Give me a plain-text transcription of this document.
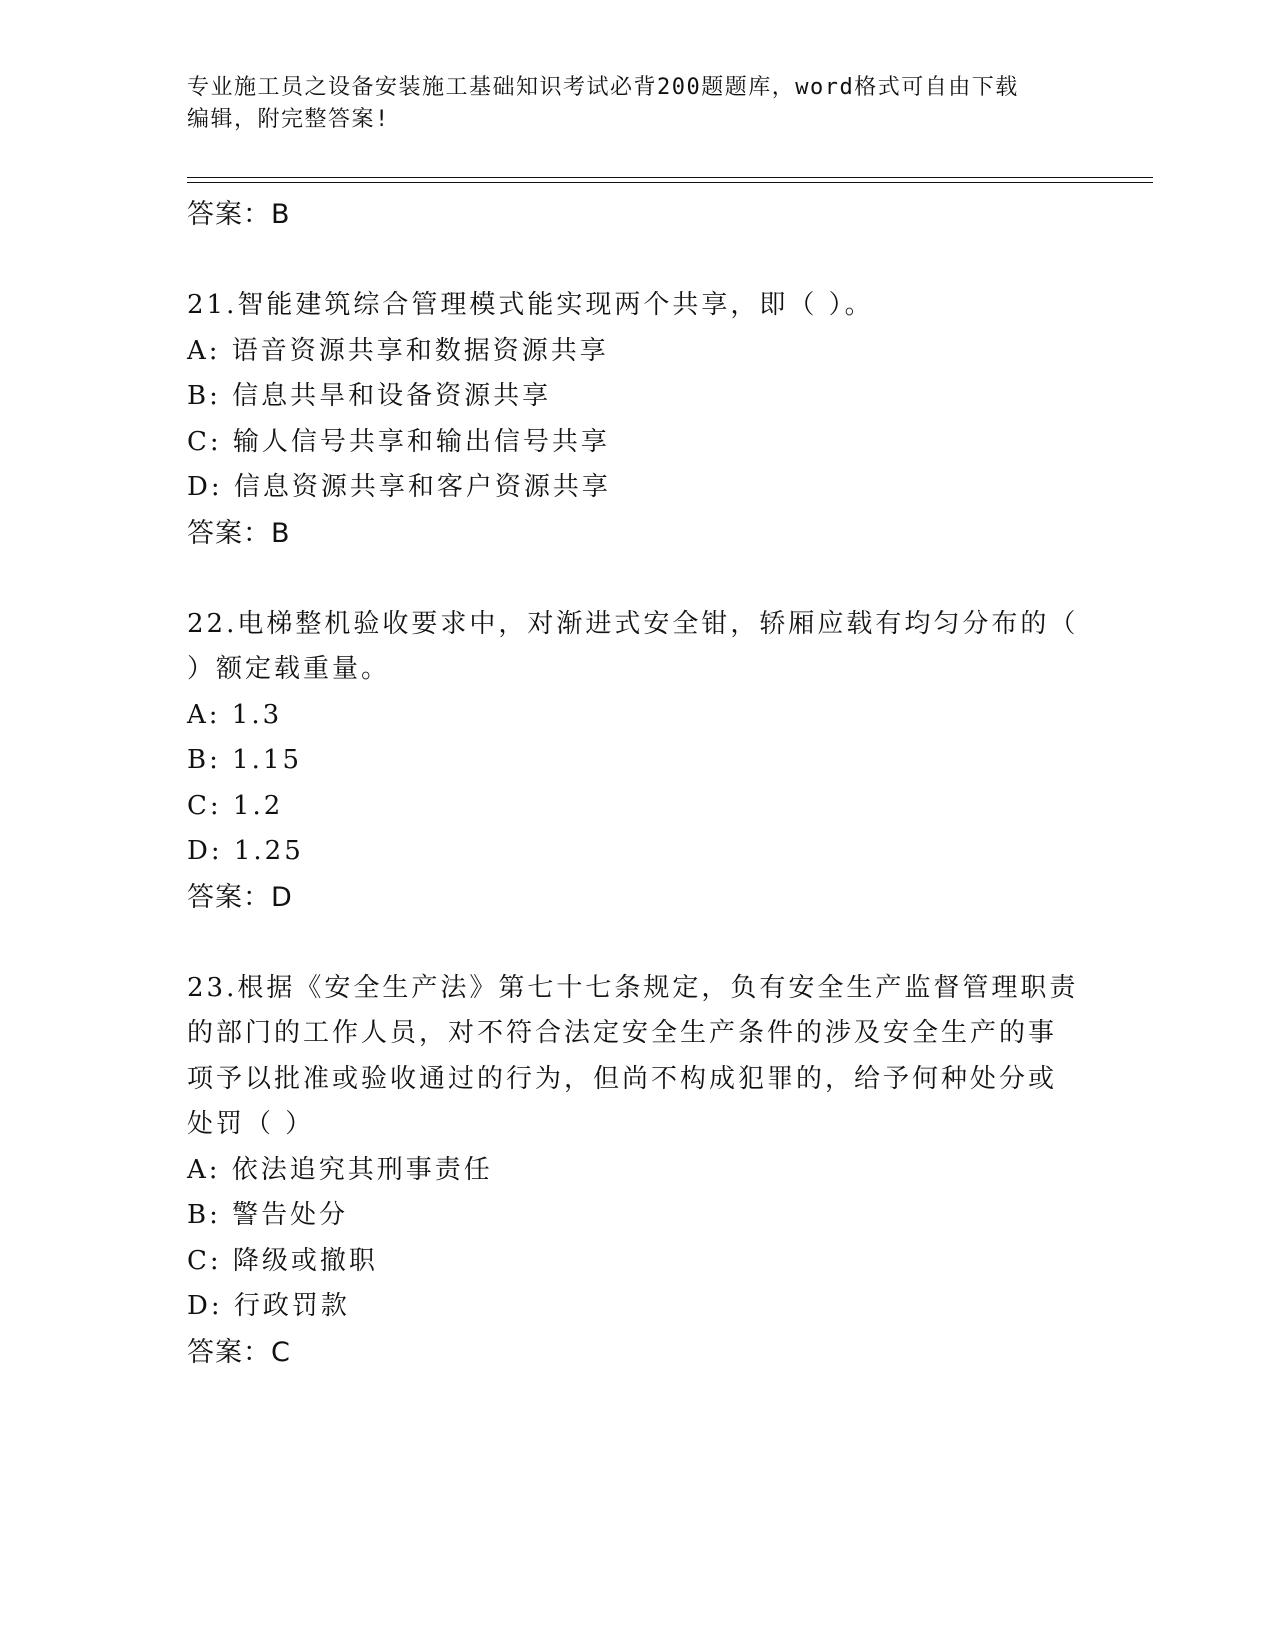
专业施工员之设备安装施工基础知识考试必背200题题库，word格式可自由下载
编辑，附完整答案!
答案：B
21.智能建筑综合管理模式能实现两个共享，即（ ）。
A: 语音资源共享和数据资源共享
B: 信息共旱和设备资源共享
C: 输人信号共享和输出信号共享
D: 信息资源共享和客户资源共享
答案：B
22.电梯整机验收要求中，对渐进式安全钳，轿厢应载有均匀分布的（
）额定载重量。
A: 1.3
B: 1.15
C: 1.2
D: 1.25
答案：D
23.根据《安全生产法》第七十七条规定，负有安全生产监督管理职责
的部门的工作人员，对不符合法定安全生产条件的涉及安全生产的事
项予以批准或验收通过的行为，但尚不构成犯罪的，给予何种处分或
处罚（ ）
A: 依法追究其刑事责任
B: 警告处分
C: 降级或撤职
D: 行政罚款
答案：C
